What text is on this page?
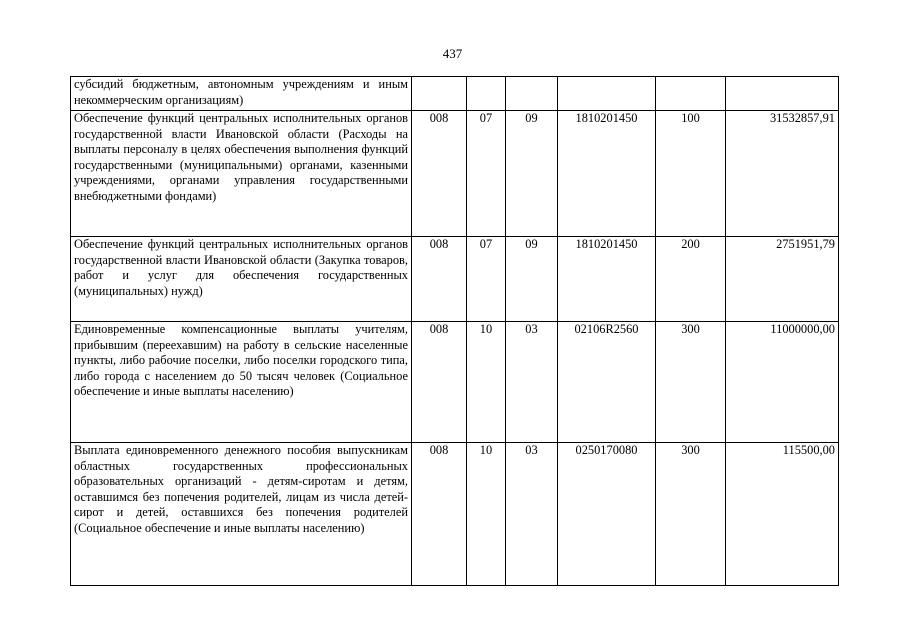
437
субсидий бюджетным, автономным учреждениям и иным некоммерческим организациям)						
Обеспечение функций центральных исполнительных органов государственной власти Ивановской области (Расходы на выплаты персоналу в целях обеспечения выполнения функций государственными (муниципальными) органами, казенными учреждениями, органами управления государственными внебюджетными фондами)	008	07	09	1810201450	100	31532857,91
Обеспечение функций центральных исполнительных органов государственной власти Ивановской области (Закупка товаров, работ и услуг для обеспечения государственных (муниципальных) нужд)	008	07	09	1810201450	200	2751951,79
Единовременные компенсационные выплаты учителям, прибывшим (переехавшим) на работу в сельские населенные пункты, либо рабочие поселки, либо поселки городского типа, либо города с населением до 50 тысяч человек (Социальное обеспечение и иные выплаты населению)	008	10	03	02106R2560	300	11000000,00
Выплата единовременного денежного пособия выпускникам областных государственных профессиональных образовательных организаций - детям-сиротам и детям, оставшимся без попечения родителей, лицам из числа детей-сирот и детей, оставшихся без попечения родителей (Социальное обеспечение и иные выплаты населению)	008	10	03	0250170080	300	115500,00
